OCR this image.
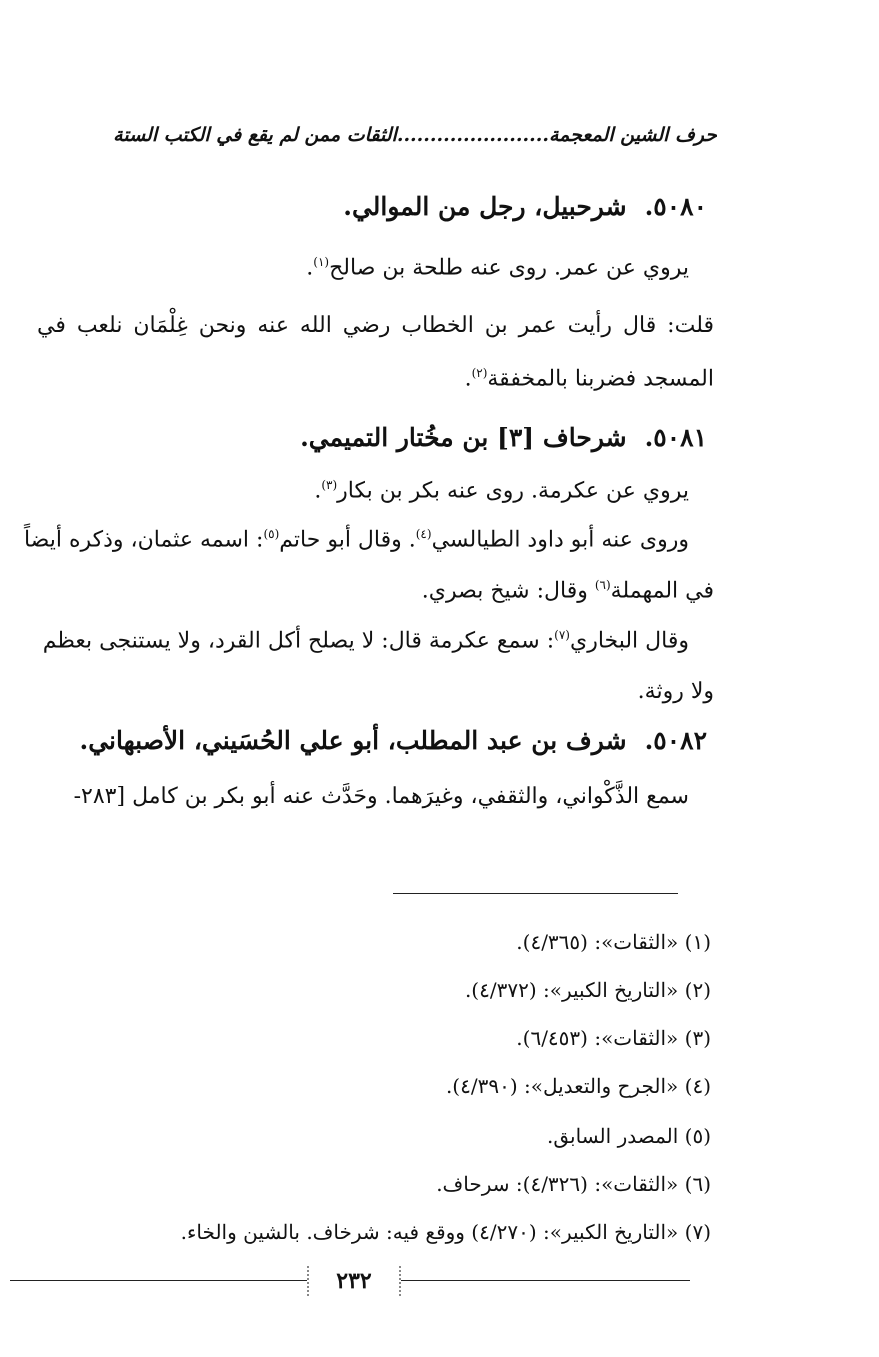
حرف الشين المعجمة.......................الثقات ممن لم يقع في الكتب الستة
٥٠٨٠.شرحبيل، رجل من الموالي.
يروي عن عمر. روى عنه طلحة بن صالح$^{(١)}$.
قلت: قال رأيت عمر بن الخطاب رضي الله عنه ونحن غِلْمَان نلعب في
المسجد فضربنا بالمخفقة$^{(٢)}$.
٥٠٨١.شرحاف [٣] بن مخُتار التميمي.
يروي عن عكرمة. روى عنه بكر بن بكار$^{(٣)}$.
وروى عنه أبو داود الطيالسي$^{(٤)}$. وقال أبو حاتم$^{(٥)}$: اسمه عثمان، وذكره أيضاً
في المهملة$^{(٦)}$ وقال: شيخ بصري.
وقال البخاري$^{(٧)}$: سمع عكرمة قال: لا يصلح أكل القرد، ولا يستنجى بعظم
ولا روثة.
٥٠٨٢.شرف بن عبد المطلب، أبو علي الحُسَيني، الأصبهاني.
سمع الذَّكْواني، والثقفي، وغيرَهما. وحَدَّث عنه أبو بكر بن كامل [٢٨٣-
(١) «الثقات»: (٤/٣٦٥).
(٢) «التاريخ الكبير»: (٤/٣٧٢).
(٣) «الثقات»: (٦/٤٥٣).
(٤) «الجرح والتعديل»: (٤/٣٩٠).
(٥) المصدر السابق.
(٦) «الثقات»: (٤/٣٢٦): سرحاف.
(٧) «التاريخ الكبير»: (٤/٢٧٠) ووقع فيه: شرخاف. بالشين والخاء.
٢٣٢
